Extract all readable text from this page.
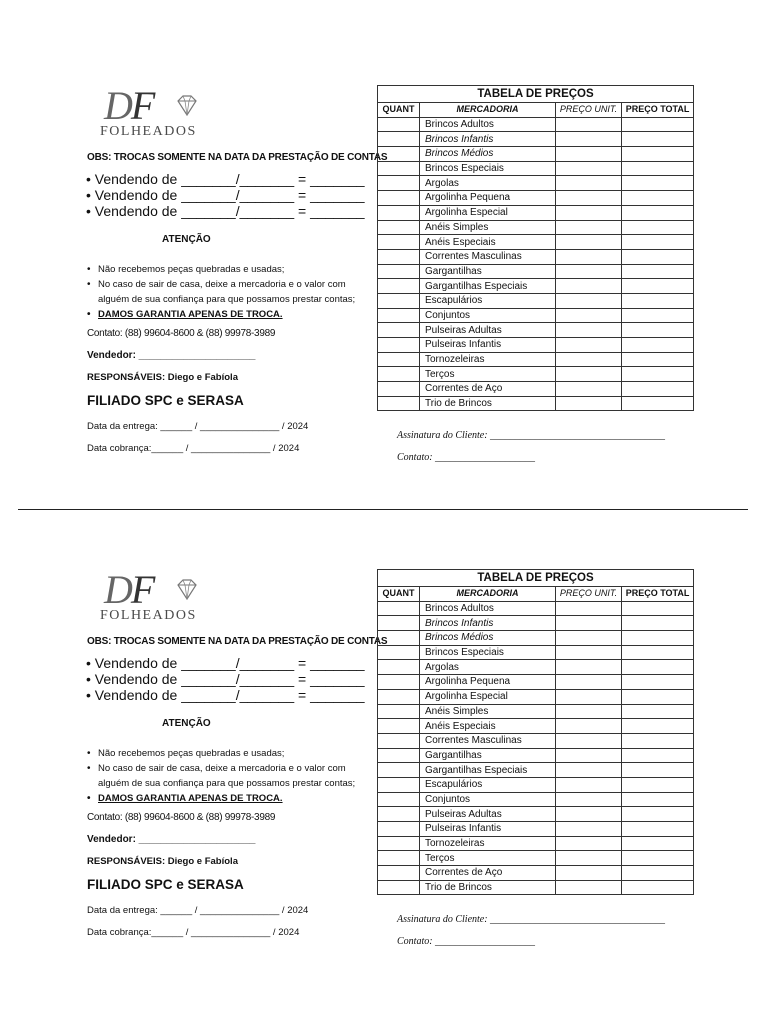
DF
FOLHEADOS
OBS: TROCAS SOMENTE NA DATA DA PRESTAÇÃO DE CONTAS
• Vendendo de _______/_______ = _______
• Vendendo de _______/_______ = _______
• Vendendo de _______/_______ = _______
ATENÇÃO
• Não recebemos peças quebradas e usadas;
• No caso de sair de casa, deixe a mercadoria e o valor com alguém de sua confiança para que possamos prestar contas;
• DAMOS GARANTIA APENAS DE TROCA.
Contato: (88) 99604-8600 & (88) 99978-3989
Vendedor: _____________________
RESPONSÁVEIS: Diego e Fabíola
FILIADO SPC e SERASA
Data da entrega: ______ / _______________ / 2024
Data cobrança:______ / _______________ / 2024
TABELA DE PREÇOS			
QUANT	MERCADORIA	PREÇO UNIT.	PREÇO TOTAL
	Brincos Adultos		
	Brincos Infantis		
	Brincos Médios		
	Brincos Especiais		
	Argolas		
	Argolinha Pequena		
	Argolinha Especial		
	Anéis Simples		
	Anéis Especiais		
	Correntes Masculinas		
	Gargantilhas		
	Gargantilhas Especiais		
	Escapulários		
	Conjuntos		
	Pulseiras Adultas		
	Pulseiras Infantis		
	Tornozeleiras		
	Terços		
	Correntes de Aço		
	Trio de Brincos		
Assinatura do Cliente: ___________________________________
Contato: ____________________
DF
FOLHEADOS
OBS: TROCAS SOMENTE NA DATA DA PRESTAÇÃO DE CONTAS
• Vendendo de _______/_______ = _______
• Vendendo de _______/_______ = _______
• Vendendo de _______/_______ = _______
ATENÇÃO
• Não recebemos peças quebradas e usadas;
• No caso de sair de casa, deixe a mercadoria e o valor com alguém de sua confiança para que possamos prestar contas;
• DAMOS GARANTIA APENAS DE TROCA.
Contato: (88) 99604-8600 & (88) 99978-3989
Vendedor: _____________________
RESPONSÁVEIS: Diego e Fabíola
FILIADO SPC e SERASA
Data da entrega: ______ / _______________ / 2024
Data cobrança:______ / _______________ / 2024
TABELA DE PREÇOS			
QUANT	MERCADORIA	PREÇO UNIT.	PREÇO TOTAL
	Brincos Adultos		
	Brincos Infantis		
	Brincos Médios		
	Brincos Especiais		
	Argolas		
	Argolinha Pequena		
	Argolinha Especial		
	Anéis Simples		
	Anéis Especiais		
	Correntes Masculinas		
	Gargantilhas		
	Gargantilhas Especiais		
	Escapulários		
	Conjuntos		
	Pulseiras Adultas		
	Pulseiras Infantis		
	Tornozeleiras		
	Terços		
	Correntes de Aço		
	Trio de Brincos		
Assinatura do Cliente: ___________________________________
Contato: ____________________
